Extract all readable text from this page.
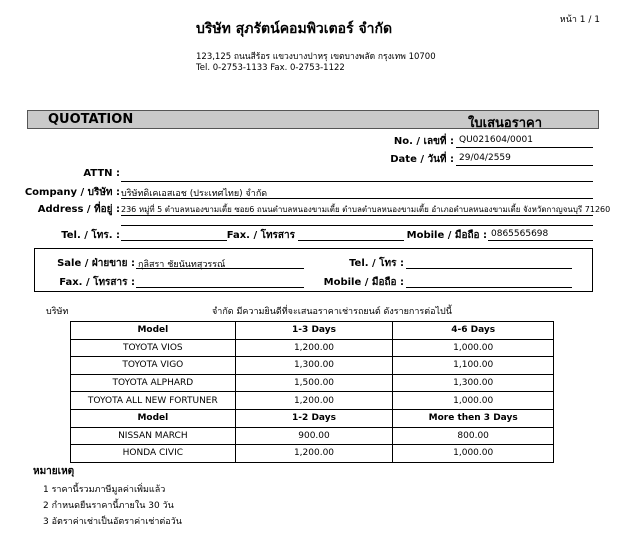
หน้า 1 / 1
บริษัท สุภรัตน์คอมพิวเตอร์ จำกัด
123,125 ถนนสีร้อร แขวงบางปาหรุ เขตบางพลัด กรุงเทพ 10700
Tel. 0-2753-1133 Fax. 0-2753-1122
QUOTATION	ใบเสนอราคา
No. / เลขที่ : QU021604/0001
Date / วันที่ : 29/04/2559
ATTN :
Company / บริษัท : บริษัทดิเคเอสเอช (ประเทศไทย) จำกัด
Address / ที่อยู่ : 236 หมู่ที่ 5 ตำบลหนองขามเตี้ย ซอย6 ถนนตำบลหนองขามเตี้ย ตำบลตำบลหนองขามเตี้ย อำเภอตำบลหนองขามเตี้ย จังหวัดกาญจนบุรี 71260
Tel. / โทร. :	Fax. / โทรสาร	Mobile / มือถือ : 0865565698
Sale / ฝ่ายขาย : กุลิสรา ชัยนันทสุวรรณ์	Tel. / โทร :
Fax. / โทรสาร :	Mobile / มือถือ :
บริษัท	จำกัด มีความยินดีที่จะเสนอราคาเช่ารถยนต์ ดังรายการต่อไปนี้
Model	1-3 Days	4-6 Days
TOYOTA VIOS	1,200.00	1,000.00
TOYOTA VIGO	1,300.00	1,100.00
TOYOTA ALPHARD	1,500.00	1,300.00
TOYOTA ALL NEW FORTUNER	1,200.00	1,000.00
Model	1-2 Days	More then 3 Days
NISSAN MARCH	900.00	800.00
HONDA CIVIC	1,200.00	1,000.00
หมายเหตุ
1 ราคานี้รวมภาษีมูลค่าเพิ่มแล้ว
2 กำหนดยืนราคานี้ภายใน 30 วัน
3 อัตราค่าเช่าเป็นอัตราค่าเช่าต่อวัน
